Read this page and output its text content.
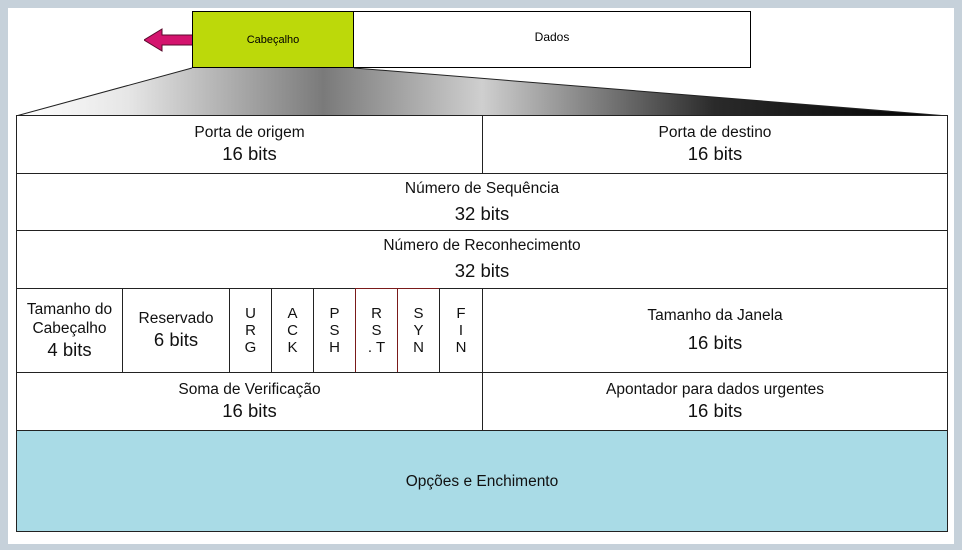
Cabeçalho	Dados
Porta de origem
16 bits
Porta de destino
16 bits
Número de Sequência
32 bits
Número de Reconhecimento
32 bits
Tamanho do
Cabeçalho
4 bits
Reservado
6 bits
U
R
G
A
C
K
P
S
H
R
S
. T
S
Y
N
F
I
N
Tamanho da Janela
16 bits
Soma de Verificação
16 bits
Apontador para dados urgentes
16 bits
Opções e Enchimento
